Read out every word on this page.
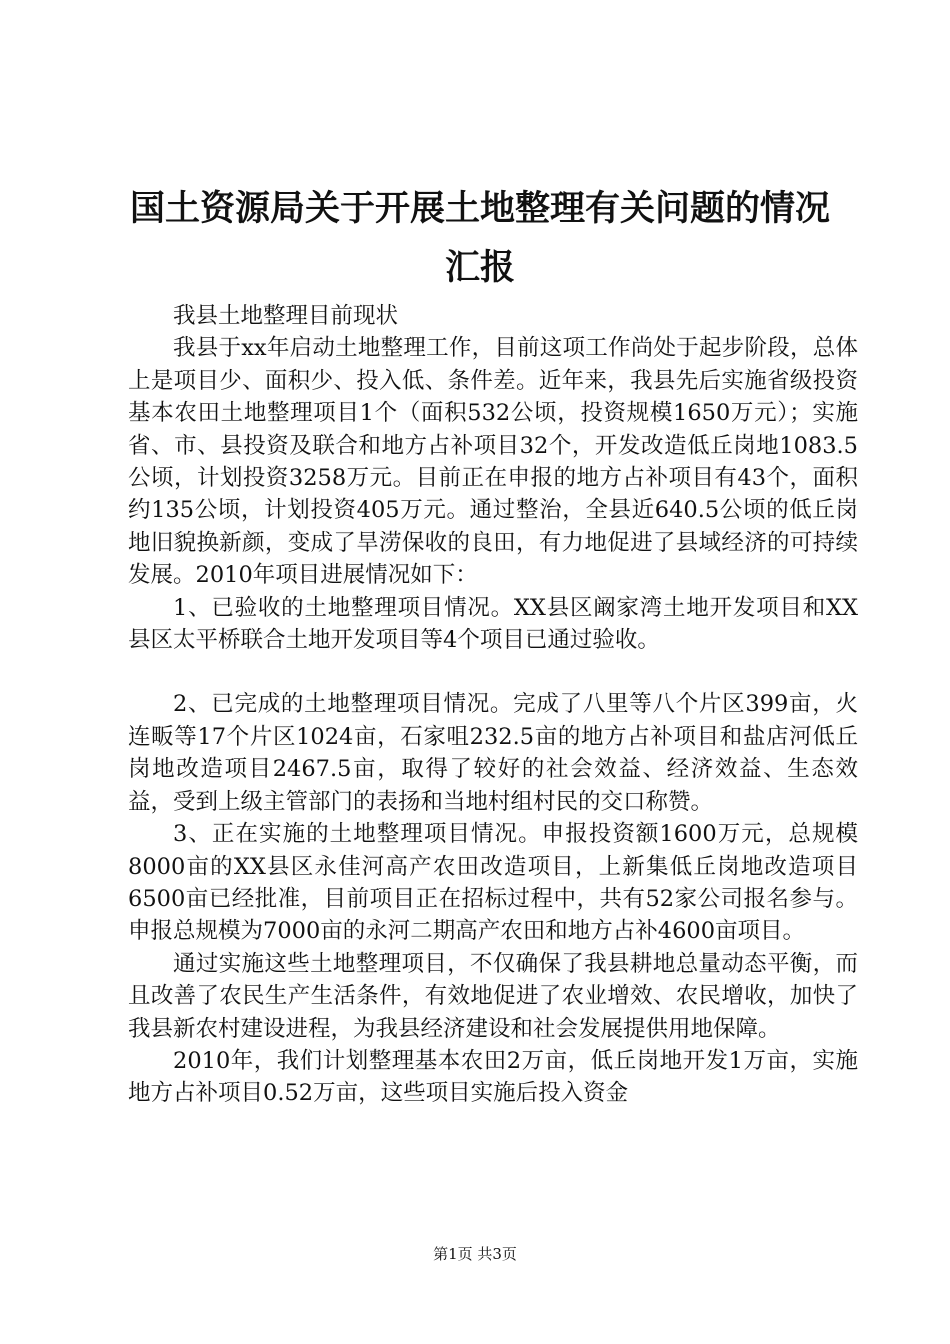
国土资源局关于开展土地整理有关问题的情况
汇报

我县土地整理目前现状

我县于xx年启动土地整理工作，目前这项工作尚处于起步阶段，总体上是项目少、面积少、投入低、条件差。近年来，我县先后实施省级投资基本农田土地整理项目1个（面积532公顷，投资规模1650万元）；实施省、市、县投资及联合和地方占补项目32个，开发改造低丘岗地1083.5公顷，计划投资3258万元。目前正在申报的地方占补项目有43个，面积约135公顷，计划投资405万元。通过整治，全县近640.5公顷的低丘岗地旧貌换新颜，变成了旱涝保收的良田，有力地促进了县域经济的可持续发展。2010年项目进展情况如下：

1、已验收的土地整理项目情况。XX县区阚家湾土地开发项目和XX县区太平桥联合土地开发项目等4个项目已通过验收。

2、已完成的土地整理项目情况。完成了八里等八个片区399亩，火连畈等17个片区1024亩，石家咀232.5亩的地方占补项目和盐店河低丘岗地改造项目2467.5亩，取得了较好的社会效益、经济效益、生态效益，受到上级主管部门的表扬和当地村组村民的交口称赞。

3、正在实施的土地整理项目情况。申报投资额1600万元，总规模8000亩的XX县区永佳河高产农田改造项目，上新集低丘岗地改造项目6500亩已经批准，目前项目正在招标过程中，共有52家公司报名参与。申报总规模为7000亩的永河二期高产农田和地方占补4600亩项目。

通过实施这些土地整理项目，不仅确保了我县耕地总量动态平衡，而且改善了农民生产生活条件，有效地促进了农业增效、农民增收，加快了我县新农村建设进程，为我县经济建设和社会发展提供用地保障。

2010年，我们计划整理基本农田2万亩，低丘岗地开发1万亩，实施地方占补项目0.52万亩，这些项目实施后投入资金

第1页 共3页
